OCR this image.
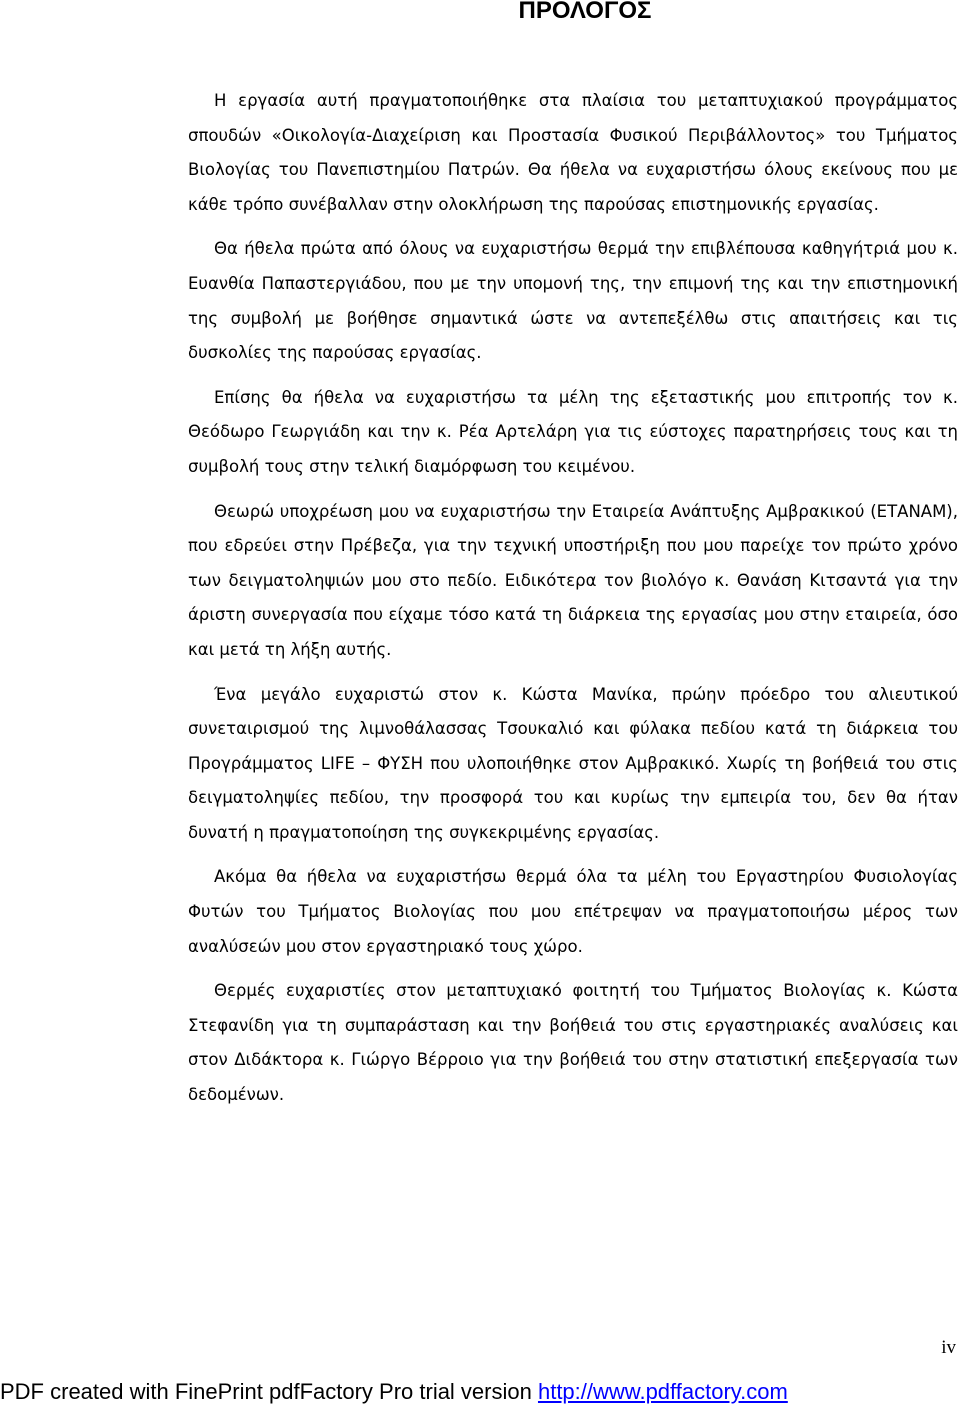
ΠΡΟΛΟΓΟΣ

Η εργασία αυτή πραγματοποιήθηκε στα πλαίσια του μεταπτυχιακού προγράμματος σπουδών «Οικολογία-Διαχείριση και Προστασία Φυσικού Περιβάλλοντος» του Τμήματος Βιολογίας του Πανεπιστημίου Πατρών. Θα ήθελα να ευχαριστήσω όλους εκείνους που με κάθε τρόπο συνέβαλλαν στην ολοκλήρωση της παρούσας επιστημονικής εργασίας.

Θα ήθελα πρώτα από όλους να ευχαριστήσω θερμά την επιβλέπουσα καθηγήτριά μου κ. Ευανθία Παπαστεργιάδου, που με την υπομονή της, την επιμονή της και την επιστημονική της συμβολή με βοήθησε σημαντικά ώστε να αντεπεξέλθω στις απαιτήσεις και τις δυσκολίες της παρούσας εργασίας.

Επίσης θα ήθελα να ευχαριστήσω τα μέλη της εξεταστικής μου επιτροπής τον κ. Θεόδωρο Γεωργιάδη και την κ. Ρέα Αρτελάρη για τις εύστοχες παρατηρήσεις τους και τη συμβολή τους στην τελική διαμόρφωση του κειμένου.

Θεωρώ υποχρέωση μου να ευχαριστήσω την Εταιρεία Ανάπτυξης Αμβρακικού (ΕΤΑΝΑΜ), που εδρεύει στην Πρέβεζα, για την τεχνική υποστήριξη που μου παρείχε τον πρώτο χρόνο των δειγματοληψιών μου στο πεδίο. Ειδικότερα τον βιολόγο κ. Θανάση Κιτσαντά για την άριστη συνεργασία που είχαμε τόσο κατά τη διάρκεια της εργασίας μου στην εταιρεία, όσο και μετά τη λήξη αυτής.

Ένα μεγάλο ευχαριστώ στον κ. Κώστα Μανίκα, πρώην πρόεδρο του αλιευτικού συνεταιρισμού της λιμνοθάλασσας Τσουκαλιό και φύλακα πεδίου κατά τη διάρκεια του Προγράμματος LIFE – ΦΥΣΗ που υλοποιήθηκε στον Αμβρακικό. Χωρίς τη βοήθειά του στις δειγματοληψίες πεδίου, την προσφορά του και κυρίως την εμπειρία του, δεν θα ήταν δυνατή η πραγματοποίηση της συγκεκριμένης εργασίας.

Ακόμα θα ήθελα να ευχαριστήσω θερμά όλα τα μέλη του Εργαστηρίου Φυσιολογίας Φυτών του Τμήματος Βιολογίας που μου επέτρεψαν να πραγματοποιήσω μέρος των αναλύσεών μου στον εργαστηριακό τους χώρο.

Θερμές ευχαριστίες στον μεταπτυχιακό φοιτητή του Τμήματος Βιολογίας κ. Κώστα Στεφανίδη για τη συμπαράσταση και την βοήθειά του στις εργαστηριακές αναλύσεις και στον Διδάκτορα κ. Γιώργο Βέρροιο για την βοήθειά του στην στατιστική επεξεργασία των δεδομένων.

iv
PDF created with FinePrint pdfFactory Pro trial version http://www.pdffactory.com
